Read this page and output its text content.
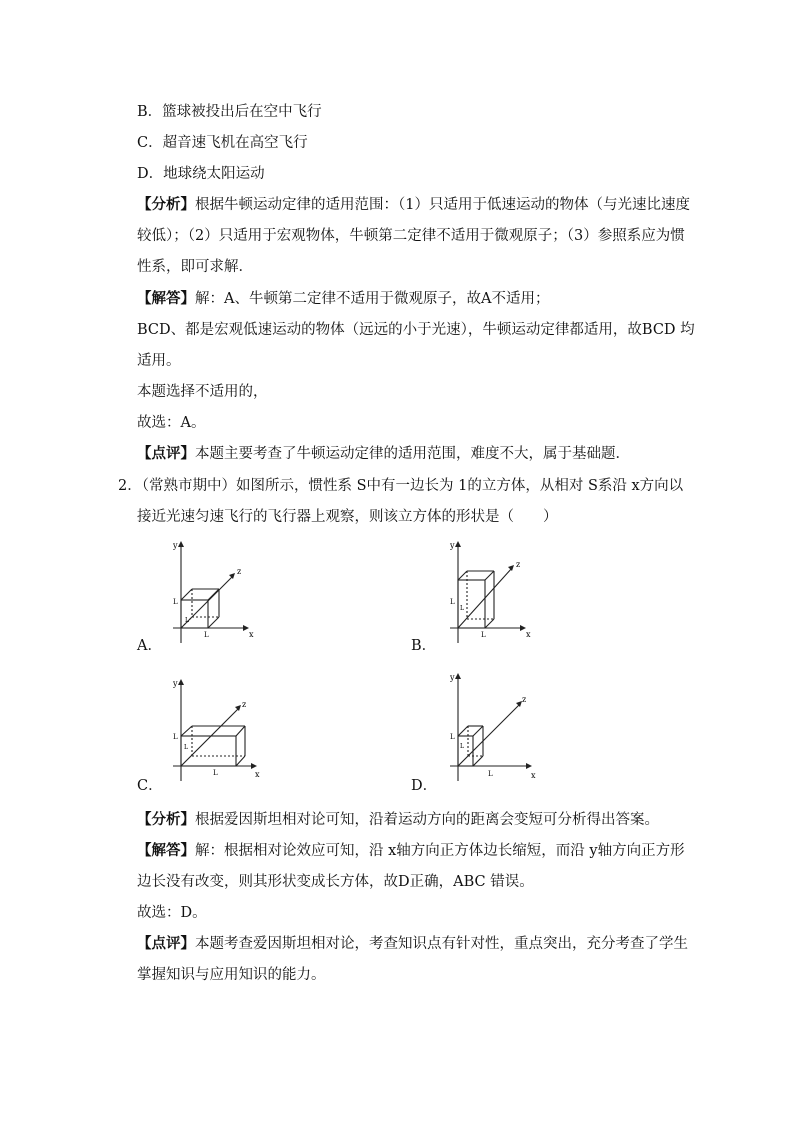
B．篮球被投出后在空中飞行
C．超音速飞机在高空飞行
D．地球绕太阳运动
【分析】根据牛顿运动定律的适用范围：（1）只适用于低速运动的物体（与光速比速度
较低）；（2）只适用于宏观物体，牛顿第二定律不适用于微观原子；（3）参照系应为惯
性系，即可求解．
【解答】解：A、牛顿第二定律不适用于微观原子，故A不适用；
BCD、都是宏观低速运动的物体（远远的小于光速），牛顿运动定律都适用，故BCD 均
适用。
本题选择不适用的，
故选：A。
【点评】本题主要考查了牛顿运动定律的适用范围，难度不大，属于基础题．
2．（常熟市期中）如图所示，惯性系 S中有一边长为 1的立方体，从相对 S系沿 x方向以
接近光速匀速飞行的飞行器上观察，则该立方体的形状是（　　）
y
x
z
L
L
L
A．
y
x
z
L
L
L
B．
y
x
z
L
L
L
C．
y
x
z
L
L
L
D．
【分析】根据爱因斯坦相对论可知，沿着运动方向的距离会变短可分析得出答案。
【解答】解：根据相对论效应可知，沿 x轴方向正方体边长缩短，而沿 y轴方向正方形
边长没有改变，则其形状变成长方体，故D正确，ABC 错误。
故选：D。
【点评】本题考查爱因斯坦相对论，考查知识点有针对性，重点突出，充分考查了学生
掌握知识与应用知识的能力。
